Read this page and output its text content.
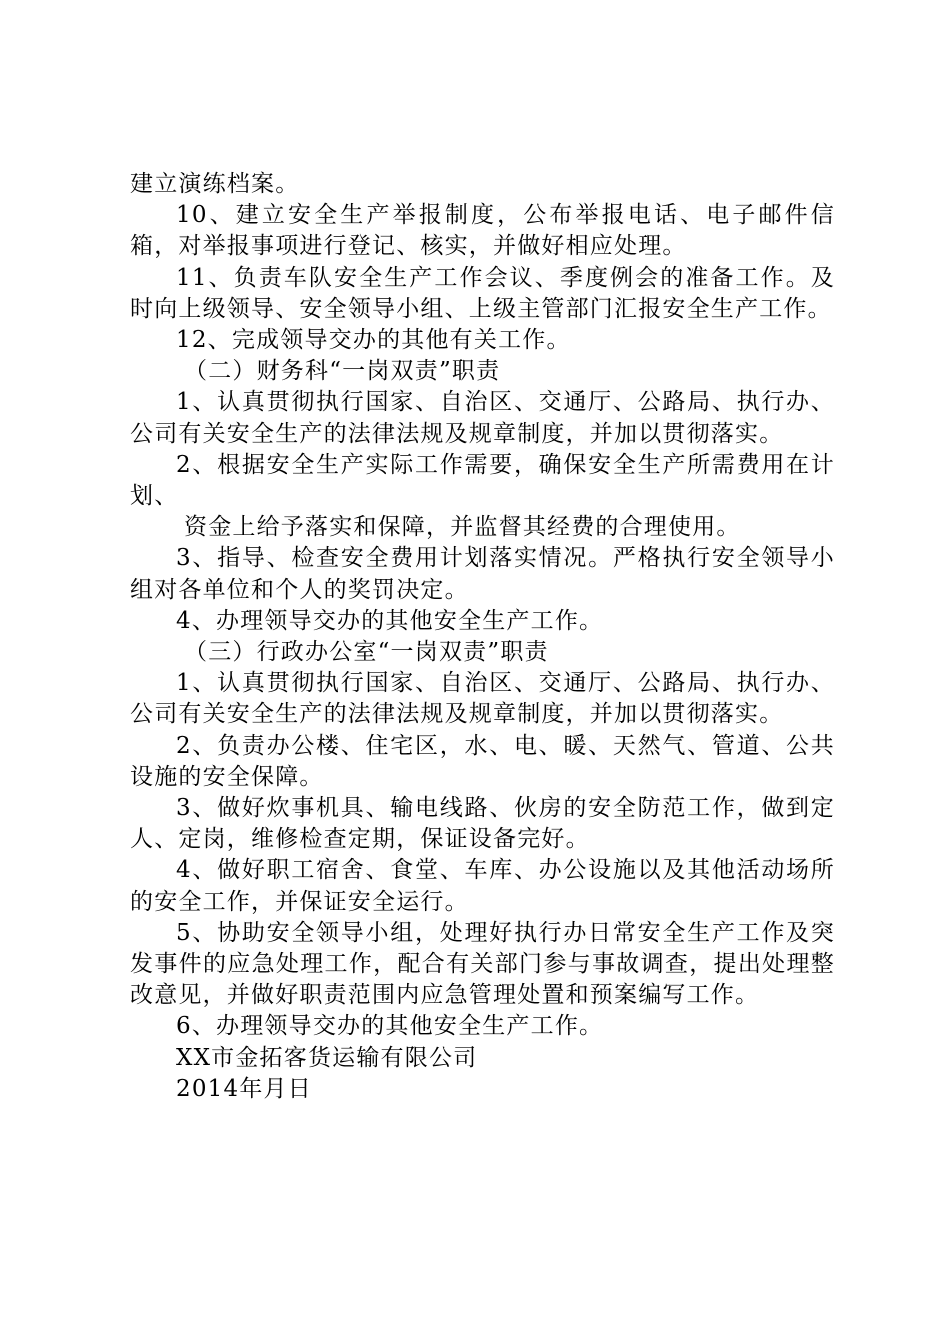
建立演练档案。

10、建立安全生产举报制度，公布举报电话、电子邮件信箱，对举报事项进行登记、核实，并做好相应处理。

11、负责车队安全生产工作会议、季度例会的准备工作。及时向上级领导、安全领导小组、上级主管部门汇报安全生产工作。

12、完成领导交办的其他有关工作。

（二）财务科“一岗双责”职责

1、认真贯彻执行国家、自治区、交通厅、公路局、执行办、公司有关安全生产的法律法规及规章制度，并加以贯彻落实。

2、根据安全生产实际工作需要，确保安全生产所需费用在计划、

资金上给予落实和保障，并监督其经费的合理使用。

3、指导、检查安全费用计划落实情况。严格执行安全领导小组对各单位和个人的奖罚决定。

4、办理领导交办的其他安全生产工作。

（三）行政办公室“一岗双责”职责

1、认真贯彻执行国家、自治区、交通厅、公路局、执行办、公司有关安全生产的法律法规及规章制度，并加以贯彻落实。

2、负责办公楼、住宅区，水、电、暖、天然气、管道、公共设施的安全保障。

3、做好炊事机具、输电线路、伙房的安全防范工作，做到定人、定岗，维修检查定期，保证设备完好。

4、做好职工宿舍、食堂、车库、办公设施以及其他活动场所的安全工作，并保证安全运行。

5、协助安全领导小组，处理好执行办日常安全生产工作及突发事件的应急处理工作，配合有关部门参与事故调查，提出处理整改意见，并做好职责范围内应急管理处置和预案编写工作。

6、办理领导交办的其他安全生产工作。

XX市金拓客货运输有限公司

2014年月日
